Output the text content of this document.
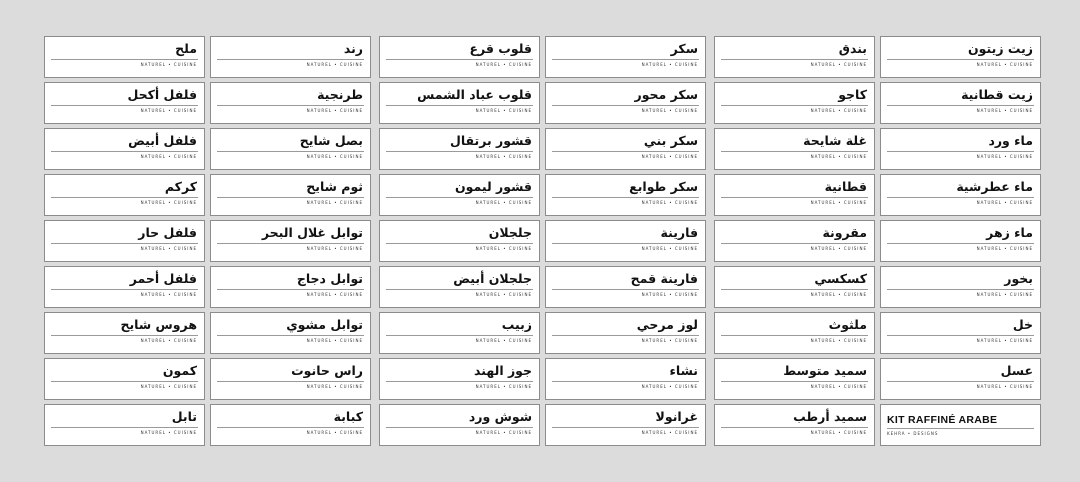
ملح
NATUREL • CUISINE
رند
NATUREL • CUISINE
فلفل أكحل
NATUREL • CUISINE
طرنجية
NATUREL • CUISINE
فلفل أبيض
NATUREL • CUISINE
بصل شايح
NATUREL • CUISINE
كركم
NATUREL • CUISINE
ثوم شايح
NATUREL • CUISINE
فلفل حار
NATUREL • CUISINE
توابل غلال البحر
NATUREL • CUISINE
فلفل أحمر
NATUREL • CUISINE
توابل دجاج
NATUREL • CUISINE
هروس شايح
NATUREL • CUISINE
توابل مشوي
NATUREL • CUISINE
كمون
NATUREL • CUISINE
راس حانوت
NATUREL • CUISINE
تابل
NATUREL • CUISINE
كبابة
NATUREL • CUISINE
قلوب قرع
NATUREL • CUISINE
سكر
NATUREL • CUISINE
قلوب عباد الشمس
NATUREL • CUISINE
سكر محور
NATUREL • CUISINE
قشور برتقال
NATUREL • CUISINE
سكر بني
NATUREL • CUISINE
قشور ليمون
NATUREL • CUISINE
سكر طوابع
NATUREL • CUISINE
جلجلان
NATUREL • CUISINE
فارينة
NATUREL • CUISINE
جلجلان أبيض
NATUREL • CUISINE
فارينة قمح
NATUREL • CUISINE
زبيب
NATUREL • CUISINE
لوز مرحي
NATUREL • CUISINE
جوز الهند
NATUREL • CUISINE
نشاء
NATUREL • CUISINE
شوش ورد
NATUREL • CUISINE
غرانولا
NATUREL • CUISINE
بندق
NATUREL • CUISINE
زيت زيتون
NATUREL • CUISINE
كاجو
NATUREL • CUISINE
زيت قطانية
NATUREL • CUISINE
غلة شايحة
NATUREL • CUISINE
ماء ورد
NATUREL • CUISINE
قطانية
NATUREL • CUISINE
ماء عطرشية
NATUREL • CUISINE
مقرونة
NATUREL • CUISINE
ماء زهر
NATUREL • CUISINE
كسكسي
NATUREL • CUISINE
بخور
NATUREL • CUISINE
ملثوث
NATUREL • CUISINE
خل
NATUREL • CUISINE
سميد متوسط
NATUREL • CUISINE
عسل
NATUREL • CUISINE
سميد أرطب
NATUREL • CUISINE
KIT RAFFINÉ ARABE
KEHRA • DESIGNS
